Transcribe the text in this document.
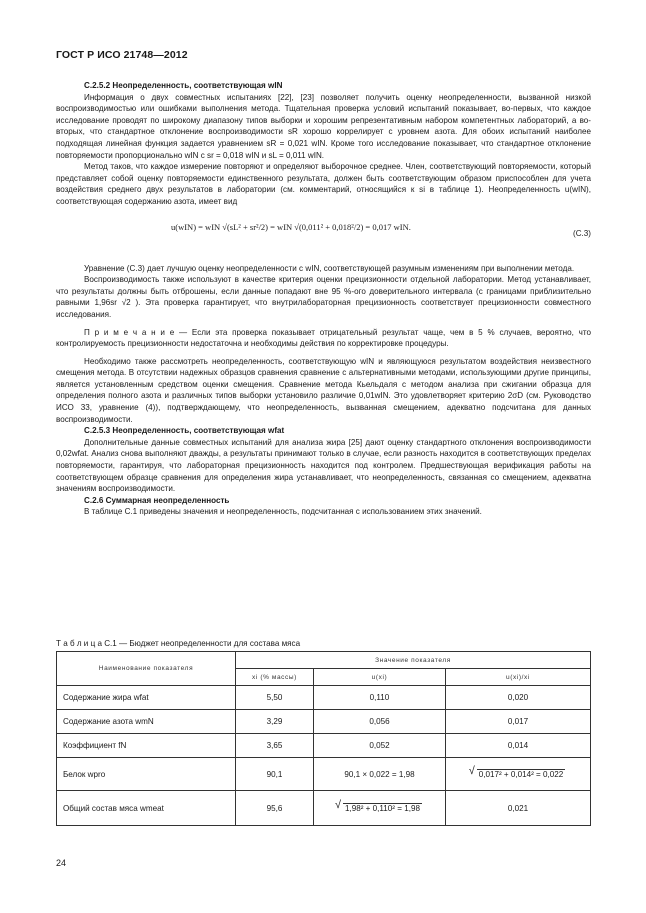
ГОСТ Р ИСО 21748—2012

С.2.5.2 Неопределенность, соответствующая wIN

Информация о двух совместных испытаниях [22], [23] позволяет получить оценку неопределенности, вызванной низкой воспроизводимостью или ошибками выполнения метода. Тщательная проверка условий испытаний показывает, во-первых, что каждое исследование проводят по широкому диапазону типов выборки и хорошим репрезентативным набором компетентных лабораторий, а во-вторых, что стандартное отклонение воспроизводимости sR хорошо коррелирует с уровнем азота. Для обоих испытаний наиболее подходящая линейная функция задается уравнением sR = 0,021 wIN. Кроме того исследование показывает, что стандартное отклонение повторяемости пропорционально wIN с sr = 0,018 wIN и sL = 0,011 wIN.

Метод таков, что каждое измерение повторяют и определяют выборочное среднее. Член, соответствующий повторяемости, который представляет собой оценку повторяемости единственного результата, должен быть соответствующим образом приспособлен для учета воздействия среднего двух результатов в лаборатории (см. комментарий, относящийся к si в таблице 1). Неопределенность u(wIN), соответствующая содержанию азота, имеет вид

u(wIN) = wIN √(sL² + sr²/2) = wIN √(0,011² + 0,018²/2) = 0,017 wIN.
(C.3)

Уравнение (С.3) дает лучшую оценку неопределенности с wIN, соответствующей разумным изменениям при выполнении метода.

Воспроизводимость также используют в качестве критерия оценки прецизионности отдельной лаборатории. Метод устанавливает, что результаты должны быть отброшены, если данные попадают вне 95 %-ого доверительного интервала (с границами приблизительно равными 1,96sr √2 ). Эта проверка гарантирует, что внутрилабораторная прецизионность соответствует прецизионности совместного исследования.

П р и м е ч а н и е — Если эта проверка показывает отрицательный результат чаще, чем в 5 % случаев, вероятно, что контролируемость прецизионности недостаточна и необходимы действия по корректировке процедуры.

Необходимо также рассмотреть неопределенность, соответствующую wIN и являющуюся результатом воздействия неизвестного смещения метода. В отсутствии надежных образцов сравнения сравнение с альтернативными методами, использующими другие принципы, является установленным средством оценки смещения. Сравнение метода Кьельдаля с методом анализа при сжигании образца для определения полного азота и различных типов выборки установило различие 0,01wIN. Это удовлетворяет критерию 2σD (см. Руководство ИСО 33, уравнение (4)), подтверждающему, что неопределенность, вызванная смещением, адекватно подсчитана для данных воспроизводимости.

С.2.5.3 Неопределенность, соответствующая wfat

Дополнительные данные совместных испытаний для анализа жира [25] дают оценку стандартного отклонения воспроизводимости 0,02wfat. Анализ снова выполняют дважды, а результаты принимают только в случае, если разность находится в соответствующих пределах повторяемости, гарантируя, что лабораторная прецизионность находится под контролем. Предшествующая верификация работы на соответствующем образце сравнения для определения жира устанавливает, что неопределенность, связанная со смещением, адекватна значениям воспроизводимости.

С.2.6 Суммарная неопределенность

В таблице С.1 приведены значения и неопределенность, подсчитанная с использованием этих значений.

Т а б л и ц а С.1 — Бюджет неопределенности для состава мяса
Наименование показателя	Значение показателя		
	xi (% массы)	u(xi)	u(xi)/xi
Содержание жира wfat	5,50	0,110	0,020
Содержание азота wmN	3,29	0,056	0,017
Коэффициент fN	3,65	0,052	0,014
Белок wpro	90,1	90,1 × 0,022 = 1,98	√ 0,017² + 0,014² = 0,022
Общий состав мяса wmeat	95,6	√ 1,98² + 0,110² = 1,98	0,021
24
